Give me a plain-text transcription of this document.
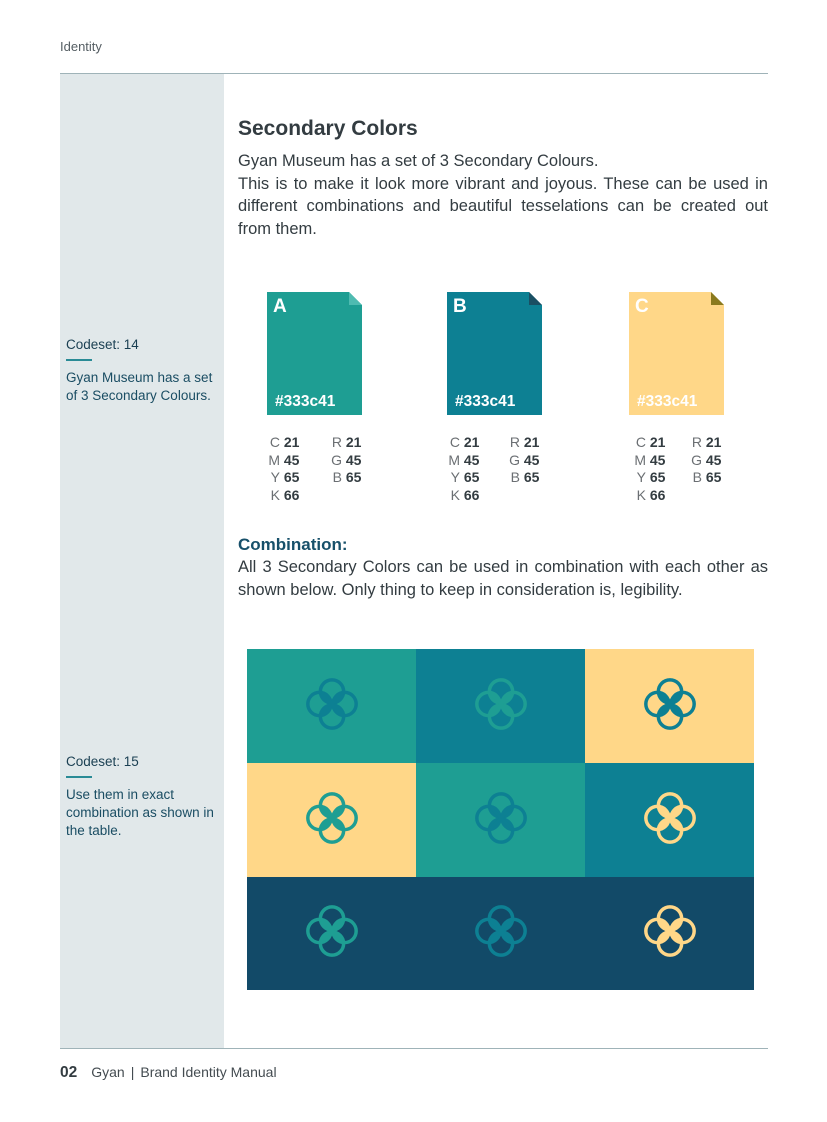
Identity
Codeset: 14
Gyan Museum has a set of 3 Secondary Colours.
Codeset: 15
Use them in exact combination as shown in the table.
Secondary Colors

Gyan Museum has a set of 3 Secondary Colours.

This is to make it look more vibrant and joyous. These can be used in different combinations and beautiful tesselations can be created out from them.

A
#333c41
B
#333c41
C
#333c41
C 21
M 45
Y 65
K 66
R 21
G 45
B 65
C 21
M 45
Y 65
K 66
R 21
G 45
B 65
C 21
M 45
Y 65
K 66
R 21
G 45
B 65
Combination:
All 3 Secondary Colors can be used in combination with each other as shown below. Only thing to keep in consideration is, legibility.
02 Gyan | Brand Identity Manual
